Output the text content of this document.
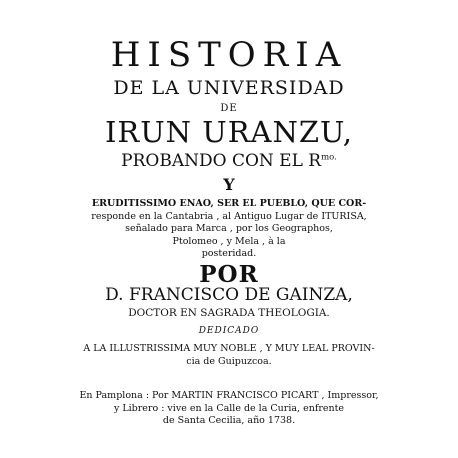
HISTORIA
DE LA UNIVERSIDAD
DE
IRUN URANZU,
PROBANDO CON EL $R^{mo.}$
Y
ERUDITISSIMO ENAO, SER EL PUEBLO, QUE COR-
responde en la Cantabria , al Antiguo Lugar de ITURISA,
señalado para Marca , por los Geographos,
Ptolomeo , y Mela , à la
posteridad.
POR
D. FRANCISCO DE GAINZA,
DOCTOR EN SAGRADA THEOLOGIA.
DEDICADO
A LA ILLUSTRISSIMA MUY NOBLE , Y MUY LEAL PROVIN-
cia de Guipuzcoa.
En Pamplona : Por MARTIN FRANCISCO PICART , Impressor,
y Librero : vive en la Calle de la Curia, enfrente
de Santa Cecilia, año 1738.
